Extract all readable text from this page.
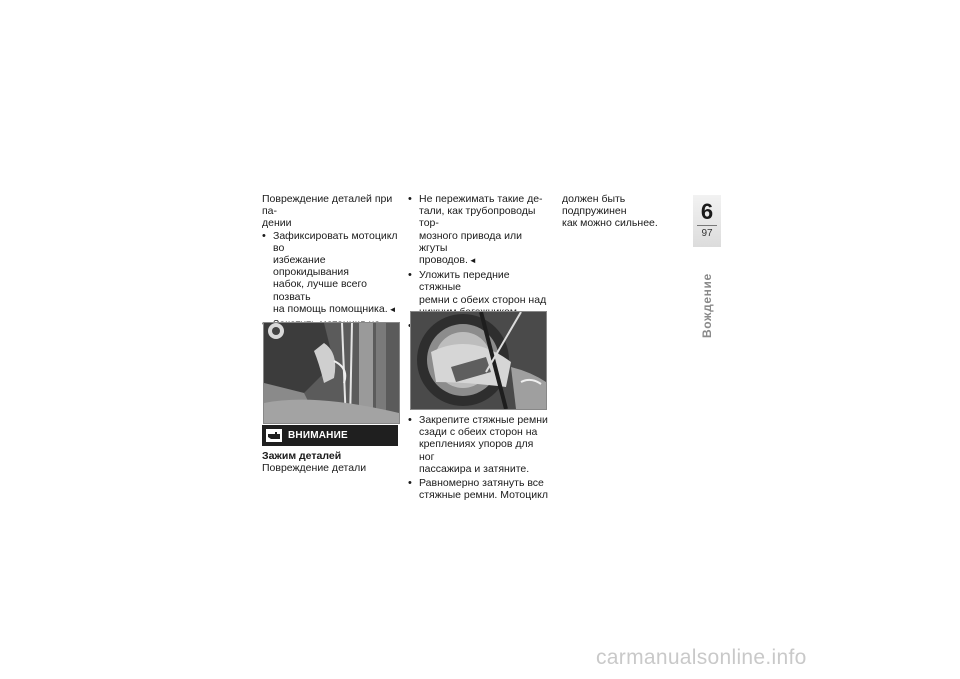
Повреждение деталей при па-

дении

• Зафиксировать мотоцикл во
избежание опрокидывания
набок, лучше всего позвать
на помощь помощника. ◄
•
ВНИМАНИЕ

Зажим деталей

Повреждение детали

• Не пережимать такие де-
тали, как трубопроводы тор-
мозного привода или жгуты
проводов. ◄
• Уложить передние стяжные
ремни с обеих сторон над
•
• Закрепите стяжные ремни
сзади с обеих сторон на
креплениях упоров для ног
пассажира и затяните.
• Равномерно затянуть все
стяжные ремни. Мотоцикл

должен быть подпружинен

как можно сильнее.	6
97
Вождение
carmanualsonline.info
